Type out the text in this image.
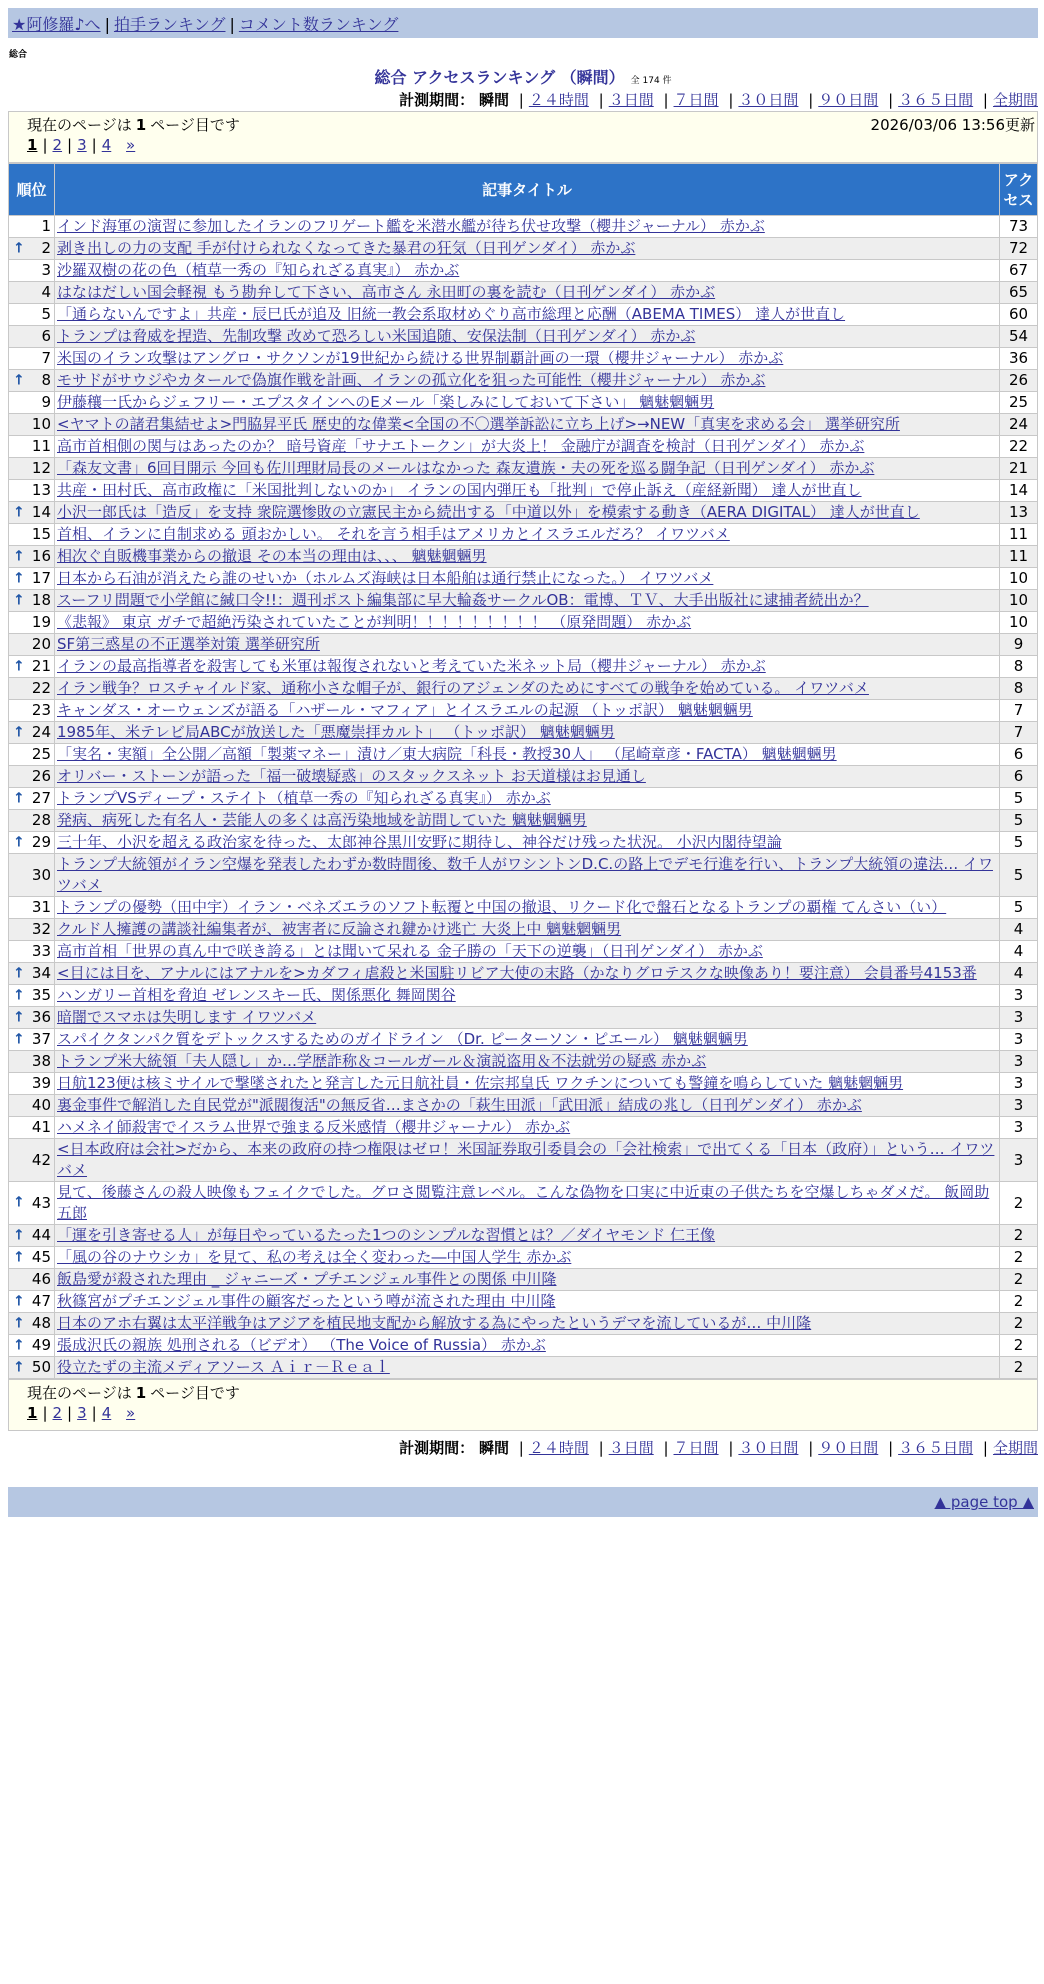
★阿修羅♪へ | 拍手ランキング | コメント数ランキング
総合
総合 アクセスランキング （瞬間） 全 174 件
計測期間： 瞬間 | ２４時間 | ３日間 | ７日間 | ３０日間 | ９０日間 | ３６５日間 | 全期間
現在のページは 1 ページ目です	2026/03/06 13:56更新
1 | 2 | 3 | 4 »
順位	記事タイトル	アク
セス

1	インド海軍の演習に参加したイランのフリゲート艦を米潜水艦が待ち伏せ攻撃（櫻井ジャーナル） 赤かぶ	73

↑ 2	剥き出しの力の支配 手が付けられなくなってきた暴君の狂気（日刊ゲンダイ） 赤かぶ	72
3	沙羅双樹の花の色（植草一秀の『知られざる真実』） 赤かぶ	67
4	はなはだしい国会軽視 もう勘弁して下さい、高市さん 永田町の裏を読む（日刊ゲンダイ） 赤かぶ	65
5	「通らないんですよ」共産・辰巳氏が追及 旧統一教会系取材めぐり高市総理と応酬（ABEMA TIMES） 達人が世直し	60
6	トランプは脅威を捏造、先制攻撃 改めて恐ろしい米国追随、安保法制（日刊ゲンダイ） 赤かぶ	54
7	米国のイラン攻撃はアングロ・サクソンが19世紀から続ける世界制覇計画の一環（櫻井ジャーナル） 赤かぶ	36

↑ 8	モサドがサウジやカタールで偽旗作戦を計画、イランの孤立化を狙った可能性（櫻井ジャーナル） 赤かぶ	26
9	伊藤穰一氏からジェフリー・エプスタインへのEメール「楽しみにしておいて下さい」 魑魅魍魎男	25
10	<ヤマトの諸君集結せよ>門脇昇平氏 歴史的な偉業<全国の不〇選挙訴訟に立ち上げ>→NEW「真実を求める会」 選挙研究所	24
11	高市首相側の関与はあったのか？ 暗号資産「サナエトークン」が大炎上！ 金融庁が調査を検討（日刊ゲンダイ） 赤かぶ	22
12	「森友文書」6回目開示 今回も佐川理財局長のメールはなかった 森友遺族・夫の死を巡る闘争記（日刊ゲンダイ） 赤かぶ	21
13	共産・田村氏、高市政権に「米国批判しないのか」 イランの国内弾圧も「批判」で停止訴え（産経新聞） 達人が世直し	14

↑ 14	小沢一郎氏は「造反」を支持 衆院選惨敗の立憲民主から続出する「中道以外」を模索する動き（AERA DIGITAL） 達人が世直し	13
15	首相、イランに自制求める 頭おかしい。 それを言う相手はアメリカとイスラエルだろ？ イワツバメ	11

↑ 16	相次ぐ自販機事業からの撤退 その本当の理由は、、、 魑魅魍魎男	11

↑ 17	日本から石油が消えたら誰のせいか（ホルムズ海峡は日本船舶は通行禁止になった。） イワツバメ	10

↑ 18	スーフリ問題で小学館に緘口令!!：週刊ポスト編集部に早大輪姦サークルOB：電博、ＴＶ、大手出版社に逮捕者続出か？	10
19	《悲報》 東京 ガチで超絶汚染されていたことが判明！！！！！！！！！ （原発問題） 赤かぶ	10
20	SF第三惑星の不正選挙対策 選挙研究所	9

↑ 21	イランの最高指導者を殺害しても米軍は報復されないと考えていた米ネット局（櫻井ジャーナル） 赤かぶ	8
22	イラン戦争？ロスチャイルド家、通称小さな帽子が、銀行のアジェンダのためにすべての戦争を始めている。 イワツバメ	8
23	キャンダス・オーウェンズが語る「ハザール・マフィア」とイスラエルの起源 （トッポ訳） 魑魅魍魎男	7

↑ 24	1985年、米テレビ局ABCが放送した「悪魔崇拝カルト」 （トッポ訳） 魑魅魍魎男	7
25	「実名・実額」全公開／高額「製薬マネー」漬け／東大病院「科長・教授30人」 （尾崎章彦・FACTA） 魑魅魍魎男	6
26	オリバー・ストーンが語った「福一破壊疑惑」のスタックスネット お天道様はお見通し	6

↑ 27	トランプVSディープ・ステイト（植草一秀の『知られざる真実』） 赤かぶ	5
28	発病、病死した有名人・芸能人の多くは高汚染地域を訪問していた 魑魅魍魎男	5

↑ 29	三十年、小沢を超える政治家を待った、太郎神谷黒川安野に期待し、神谷だけ残った状況。 小沢内閣待望論	5
30	トランプ大統領がイラン空爆を発表したわずか数時間後、数千人がワシントンD.C.の路上でデモ行進を行い、トランプ大統領の違法… イワツバメ	5
31	トランプの優勢（田中宇）イラン・ベネズエラのソフト転覆と中国の撤退、リクード化で盤石となるトランプの覇権 てんさい（い）	5
32	クルド人擁護の講談社編集者が、被害者に反論され鍵かけ逃亡 大炎上中 魑魅魍魎男	4
33	高市首相「世界の真ん中で咲き誇る」とは聞いて呆れる 金子勝の「天下の逆襲」（日刊ゲンダイ） 赤かぶ	4

↑ 34	<目には目を、アナルにはアナルを>カダフィ虐殺と米国駐リビア大使の末路（かなりグロテスクな映像あり！要注意） 会員番号4153番	4

↑ 35	ハンガリー首相を脅迫 ゼレンスキー氏、関係悪化 舞岡関谷	3

↑ 36	暗闇でスマホは失明します イワツバメ	3

↑ 37	スパイクタンパク質をデトックスするためのガイドライン （Dr. ピーターソン・ピエール） 魑魅魍魎男	3
38	トランプ米大統領「夫人隠し」か…学歴詐称＆コールガール＆演説盗用＆不法就労の疑惑 赤かぶ	3
39	日航123便は核ミサイルで撃墜されたと発言した元日航社員・佐宗邦皇氏 ワクチンについても警鐘を鳴らしていた 魑魅魍魎男	3
40	裏金事件で解消した自民党が"派閥復活"の無反省…まさかの「萩生田派」「武田派」結成の兆し（日刊ゲンダイ） 赤かぶ	3
41	ハメネイ師殺害でイスラム世界で強まる反米感情（櫻井ジャーナル） 赤かぶ	3
42	<日本政府は会社>だから、本来の政府の持つ権限はゼロ！米国証券取引委員会の「会社検索」で出てくる「日本（政府）」という… イワツバメ	3

↑ 43	見て、後藤さんの殺人映像もフェイクでした。グロさ閲覧注意レベル。こんな偽物を口実に中近東の子供たちを空爆しちゃダメだ。 飯岡助五郎	2

↑ 44	「運を引き寄せる人」が毎日やっているたった1つのシンプルな習慣とは？／ダイヤモンド 仁王像	2

↑ 45	「風の谷のナウシカ」を見て、私の考えは全く変わった―中国人学生 赤かぶ	2
46	飯島愛が殺された理由 _ ジャニーズ・プチエンジェル事件との関係 中川隆	2

↑ 47	秋篠宮がプチエンジェル事件の顧客だったという噂が流された理由 中川隆	2

↑ 48	日本のアホ右翼は太平洋戦争はアジアを植民地支配から解放する為にやったというデマを流しているが… 中川隆	2

↑ 49	張成沢氏の親族 処刑される（ビデオ） （The Voice of Russia） 赤かぶ	2

↑ 50	役立たずの主流メディアソース Ａｉｒ－Ｒｅａｌ	2
現在のページは 1 ページ目です
1 | 2 | 3 | 4 »
計測期間： 瞬間 | ２４時間 | ３日間 | ７日間 | ３０日間 | ９０日間 | ３６５日間 | 全期間
▲ page top ▲
